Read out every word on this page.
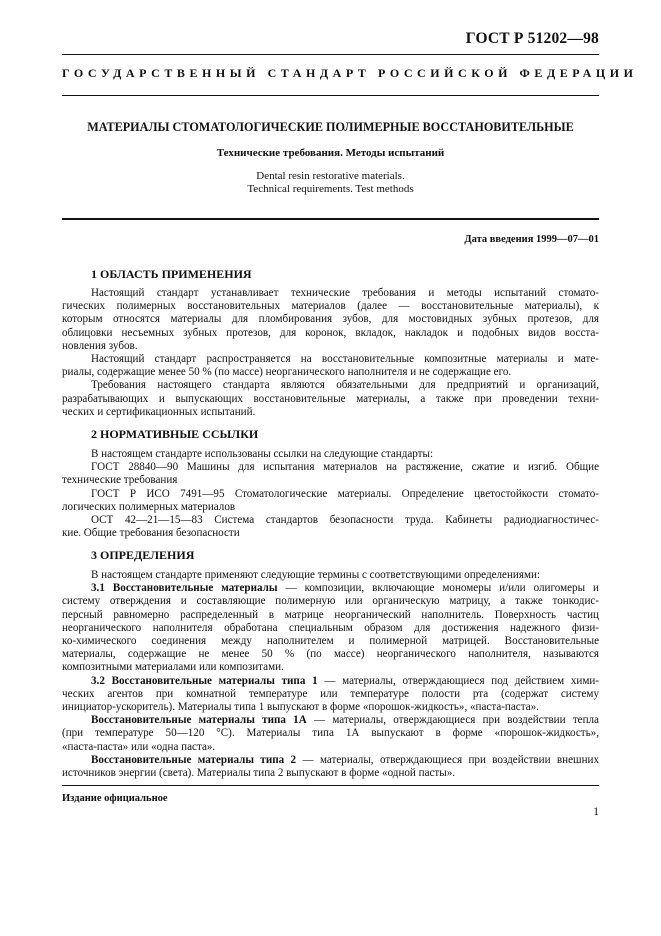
ГОСТ Р 51202—98
ГОСУДАРСТВЕННЫЙ СТАНДАРТ РОССИЙСКОЙ ФЕДЕРАЦИИ
МАТЕРИАЛЫ СТОМАТОЛОГИЧЕСКИЕ ПОЛИМЕРНЫЕ ВОССТАНОВИТЕЛЬНЫЕ
Технические требования. Методы испытаний
Dental resin restorative materials.
Technical requirements. Test methods
Дата введения 1999—07—01
1 ОБЛАСТЬ ПРИМЕНЕНИЯ

Настоящий стандарт устанавливает технические требования и методы испытаний стомато-
гических полимерных восстановительных материалов (далее — восстановительные материалы), к
которым относятся материалы для пломбирования зубов, для мостовидных зубных протезов, для
облицовки несъемных зубных протезов, для коронок, вкладок, накладок и подобных видов восста-
новления зубов.

Настоящий стандарт распространяется на восстановительные композитные материалы и мате-
риалы, содержащие менее 50 % (по массе) неорганического наполнителя и не содержащие его.

Требования настоящего стандарта являются обязательными для предприятий и организаций,
разрабатывающих и выпускающих восстановительные материалы, а также при проведении техни-
ческих и сертификационных испытаний.

2 НОРМАТИВНЫЕ ССЫЛКИ

В настоящем стандарте использованы ссылки на следующие стандарты:

ГОСТ 28840—90 Машины для испытания материалов на растяжение, сжатие и изгиб. Общие
технические требования

ГОСТ Р ИСО 7491—95 Стоматологические материалы. Определение цветостойкости стомато-
логических полимерных материалов

ОСТ 42—21—15—83 Система стандартов безопасности труда. Кабинеты радиодиагностичес-
кие. Общие требования безопасности

3 ОПРЕДЕЛЕНИЯ

В настоящем стандарте применяют следующие термины с соответствующими определениями:

3.1 Восстановительные материалы — композиции, включающие мономеры и/или олигомеры и
систему отверждения и составляющие полимерную или органическую матрицу, а также тонкодис-
персный равномерно распределенный в матрице неорганический наполнитель. Поверхность частиц
неорганического наполнителя обработана специальным образом для достижения надежного физи-
ко-химического соединения между наполнителем и полимерной матрицей. Восстановительные
материалы, содержащие не менее 50 % (по массе) неорганического наполнителя, называются
композитными материалами или композитами.

3.2 Восстановительные материалы типа 1 — материалы, отверждающиеся под действием хими-
ческих агентов при комнатной температуре или температуре полости рта (содержат систему
инициатор-ускоритель). Материалы типа 1 выпускают в форме «порошок-жидкость», «паста-паста».

Восстановительные материалы типа 1А — материалы, отверждающиеся при воздействии тепла
(при температуре 50—120 °С). Материалы типа 1А выпускают в форме «порошок-жидкость»,
«паста-паста» или «одна паста».

Восстановительные материалы типа 2 — материалы, отверждающиеся при воздействии внешних
источников энергии (света). Материалы типа 2 выпускают в форме «одной пасты».

Издание официальное
1
